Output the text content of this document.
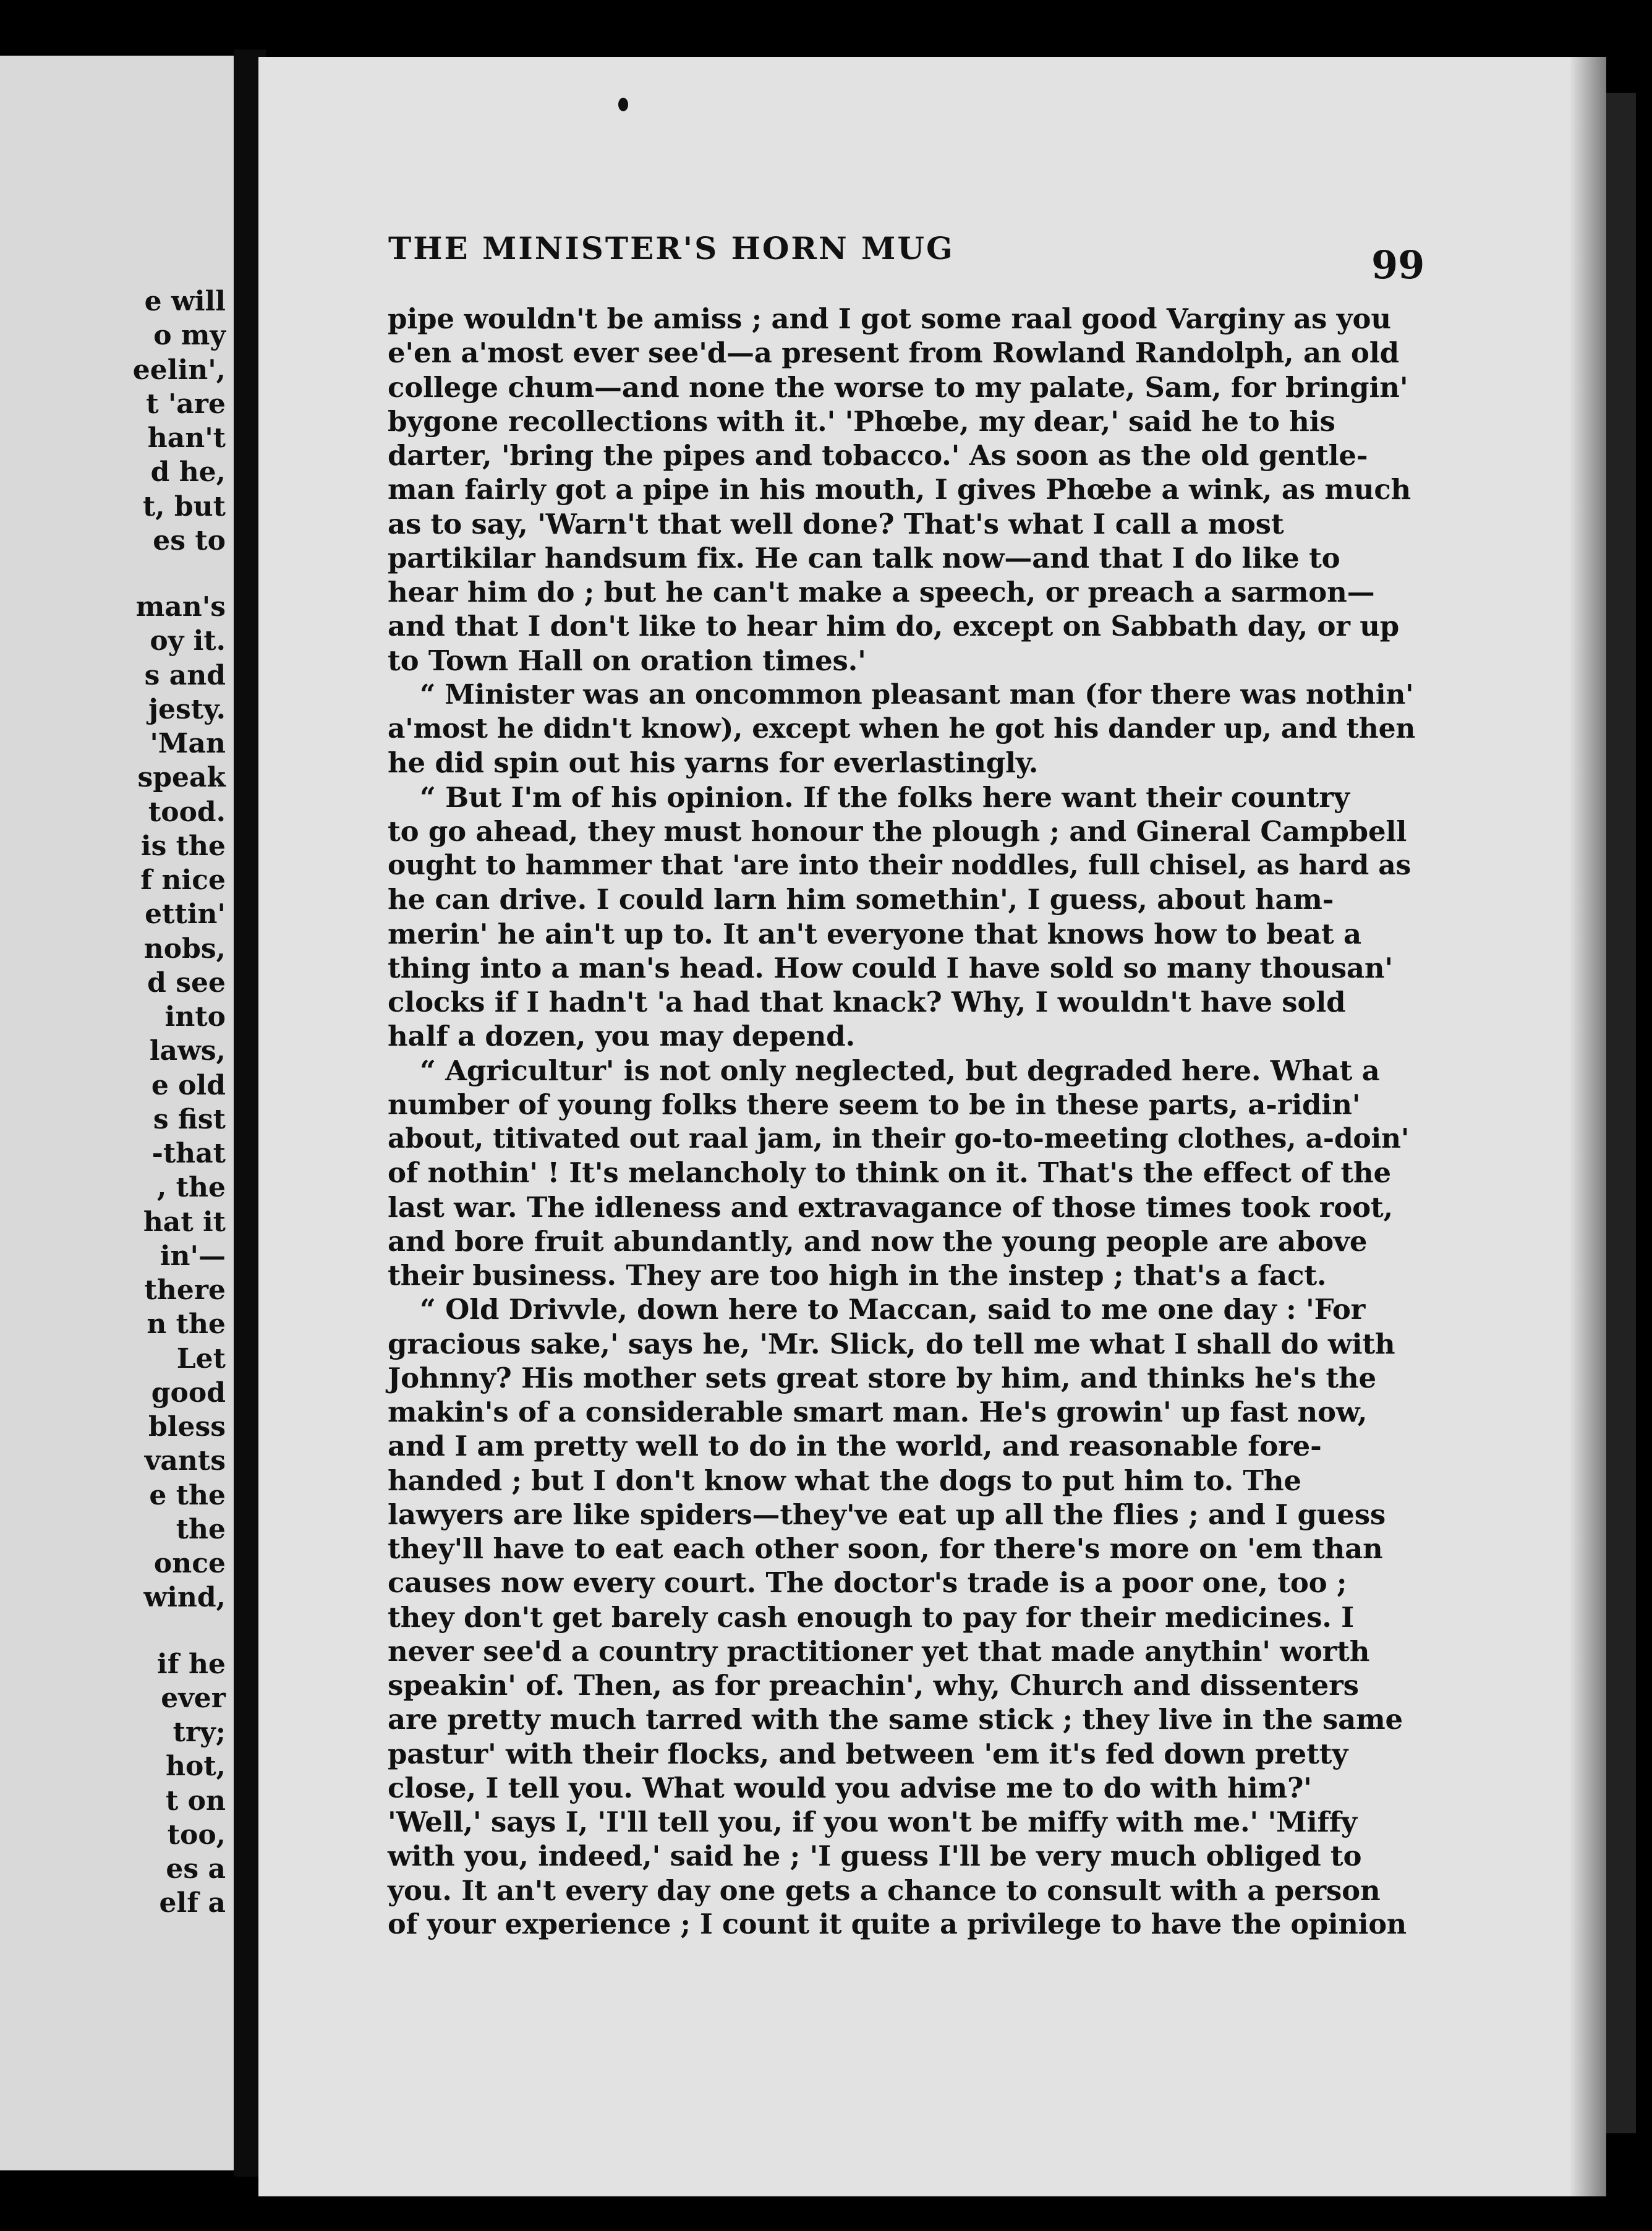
e will
o my
eelin',
t 'are
han't
d he,
t, but
es to
man's
oy it.
s and
jesty.
'Man
speak
tood.
is the
f nice
ettin'
nobs,
d see
into
laws,
e old
s fist
-that
, the
hat it
in'—
there
n the
Let
good
bless
vants
e the
the
once
wind,
if he
ever
try;
hot,
t on
too,
es a
elf a
THE MINISTER'S HORN MUG	99
pipe wouldn't be amiss ; and I got some raal good Varginy as you
e'en a'most ever see'd—a present from Rowland Randolph, an old
college chum—and none the worse to my palate, Sam, for bringin'
bygone recollections with it.' 'Phœbe, my dear,' said he to his
darter, 'bring the pipes and tobacco.' As soon as the old gentle-
man fairly got a pipe in his mouth, I gives Phœbe a wink, as much
as to say, 'Warn't that well done? That's what I call a most
partikilar handsum fix. He can talk now—and that I do like to
hear him do ; but he can't make a speech, or preach a sarmon—
and that I don't like to hear him do, except on Sabbath day, or up
to Town Hall on oration times.'
“ Minister was an oncommon pleasant man (for there was nothin'
a'most he didn't know), except when he got his dander up, and then
he did spin out his yarns for everlastingly.
“ But I'm of his opinion. If the folks here want their country
to go ahead, they must honour the plough ; and Gineral Campbell
ought to hammer that 'are into their noddles, full chisel, as hard as
he can drive. I could larn him somethin', I guess, about ham-
merin' he ain't up to. It an't everyone that knows how to beat a
thing into a man's head. How could I have sold so many thousan'
clocks if I hadn't 'a had that knack? Why, I wouldn't have sold
half a dozen, you may depend.
“ Agricultur' is not only neglected, but degraded here. What a
number of young folks there seem to be in these parts, a-ridin'
about, titivated out raal jam, in their go-to-meeting clothes, a-doin'
of nothin' ! It's melancholy to think on it. That's the effect of the
last war. The idleness and extravagance of those times took root,
and bore fruit abundantly, and now the young people are above
their business. They are too high in the instep ; that's a fact.
“ Old Drivvle, down here to Maccan, said to me one day : 'For
gracious sake,' says he, 'Mr. Slick, do tell me what I shall do with
Johnny? His mother sets great store by him, and thinks he's the
makin's of a considerable smart man. He's growin' up fast now,
and I am pretty well to do in the world, and reasonable fore-
handed ; but I don't know what the dogs to put him to. The
lawyers are like spiders—they've eat up all the flies ; and I guess
they'll have to eat each other soon, for there's more on 'em than
causes now every court. The doctor's trade is a poor one, too ;
they don't get barely cash enough to pay for their medicines. I
never see'd a country practitioner yet that made anythin' worth
speakin' of. Then, as for preachin', why, Church and dissenters
are pretty much tarred with the same stick ; they live in the same
pastur' with their flocks, and between 'em it's fed down pretty
close, I tell you. What would you advise me to do with him?'
'Well,' says I, 'I'll tell you, if you won't be miffy with me.' 'Miffy
with you, indeed,' said he ; 'I guess I'll be very much obliged to
you. It an't every day one gets a chance to consult with a person
of your experience ; I count it quite a privilege to have the opinion
